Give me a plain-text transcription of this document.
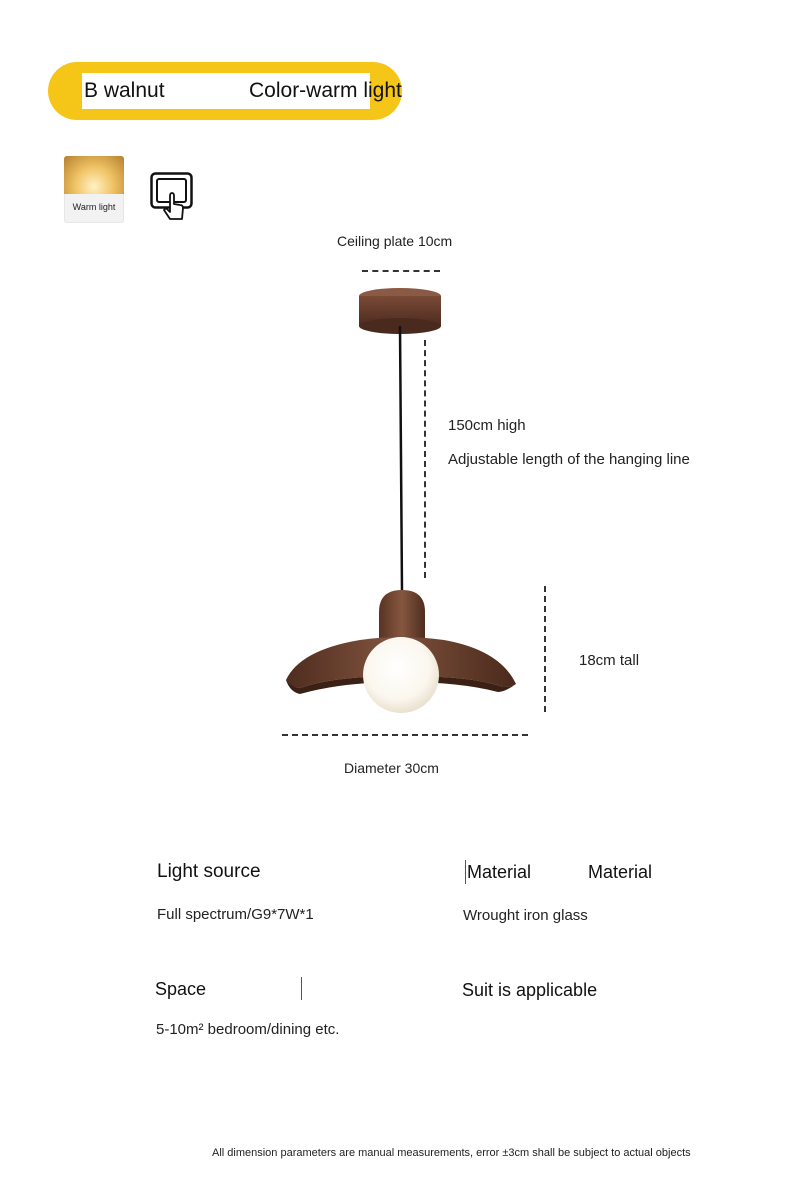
B walnut	Color-warm light
Warm light
Ceiling plate 10cm
150cm high
Adjustable length of the hanging line
18cm tall
Diameter 30cm
Light source
Full spectrum/G9*7W*1
Material	Material
Wrought iron glass
Space
5-10m² bedroom/dining etc.
Suit is applicable
All dimension parameters are manual measurements, error ±3cm shall be subject to actual objects
